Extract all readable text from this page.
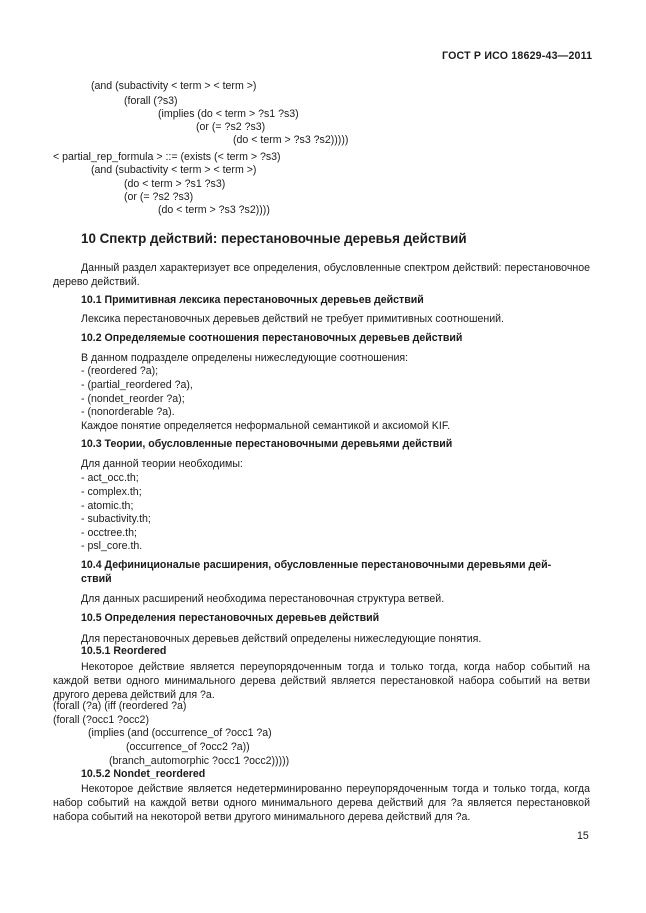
ГОСТ Р ИСО 18629-43—2011
(and (subactivity < term > < term >)
(forall (?s3)
(implies (do < term > ?s1 ?s3)
(or (= ?s2 ?s3)
(do < term > ?s3 ?s2)))))
< partial_rep_formula > ::= (exists (< term > ?s3)
(and (subactivity < term > < term >)
(do < term > ?s1 ?s3)
(or (= ?s2 ?s3)
(do < term > ?s3 ?s2))))
10 Спектр действий: перестановочные деревья действий
Данный раздел характеризует все определения, обусловленные спектром действий: перестановочное дерево действий.
10.1 Примитивная лексика перестановочных деревьев действий
Лексика перестановочных деревьев действий не требует примитивных соотношений.
10.2 Определяемые соотношения перестановочных деревьев действий
В данном подразделе определены нижеследующие соотношения:
- (reordered ?a);
- (partial_reordered ?a),
- (nondet_reorder ?a);
- (nonorderable ?a).
Каждое понятие определяется неформальной семантикой и аксиомой KIF.
10.3 Теории, обусловленные перестановочными деревьями действий
Для данной теории необходимы:
- act_occ.th;
- complex.th;
- atomic.th;
- subactivity.th;
- occtree.th;
- psl_core.th.
10.4 Дефиниционалые расширения, обусловленные перестановочными деревьями дей-
ствий
Для данных расширений необходима перестановочная структура ветвей.
10.5 Определения перестановочных деревьев действий
Для перестановочных деревьев действий определены нижеследующие понятия.
10.5.1 Reordered
Некоторое действие является переупорядоченным тогда и только тогда, когда набор событий на каждой ветви одного минимального дерева действий является перестановкой набора событий на ветви другого дерева действий для ?а.
(forall (?a) (iff (reordered ?a)
(forall (?occ1 ?occ2)
(implies (and (occurrence_of ?occ1 ?a)
(occurrence_of ?occ2 ?a))
(branch_automorphic ?occ1 ?occ2)))))
10.5.2 Nondet_reordered
Некоторое действие является недетерминированно переупорядоченным тогда и только тогда, когда набор событий на каждой ветви одного минимального дерева действий для ?а является перестановкой набора событий на некоторой ветви другого минимального дерева действий для ?а.
15
